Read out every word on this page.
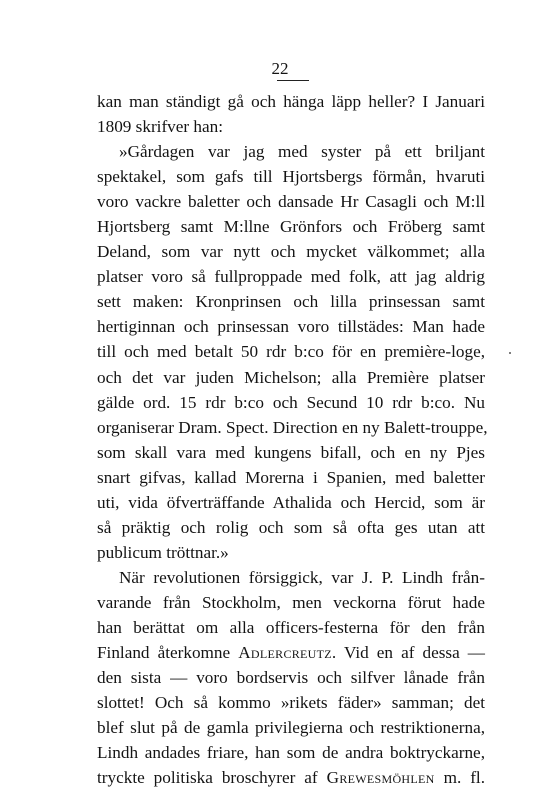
22
kan man ständigt gå och hänga läpp heller? I Januari
1809 skrifver han:
»Gårdagen var jag med syster på ett briljant
spektakel, som gafs till Hjortsbergs förmån, hvaruti
voro vackre baletter och dansade Hr Casagli och M:ll
Hjortsberg samt M:llne Grönfors och Fröberg samt
Deland, som var nytt och mycket välkommet; alla
platser voro så fullproppade med folk, att jag aldrig
sett maken: Kronprinsen och lilla prinsessan samt
hertiginnan och prinsessan voro tillstädes: Man hade
till och med betalt 50 rdr b:co för en première-loge,
och det var juden Michelson; alla Première platser
gälde ord. 15 rdr b:co och Secund 10 rdr b:co. Nu
organiserar Dram. Spect. Direction en ny Balett-trouppe,
som skall vara med kungens bifall, och en ny Pjes
snart gifvas, kallad Morerna i Spanien, med baletter
uti, vida öfverträffande Athalida och Hercid, som är
så präktig och rolig och som så ofta ges utan att
publicum tröttnar.»
När revolutionen försiggick, var J. P. Lindh från-
varande från Stockholm, men veckorna förut hade
han berättat om alla officers-festerna för den från
Finland återkomne Adlercreutz. Vid en af dessa —
den sista — voro bordservis och silfver lånade från
slottet! Och så kommo »rikets fäder» samman; det
blef slut på de gamla privilegierna och restriktionerna,
Lindh andades friare, han som de andra boktryckarne,
tryckte politiska broschyrer af Grewesmöhlen m. fl.
